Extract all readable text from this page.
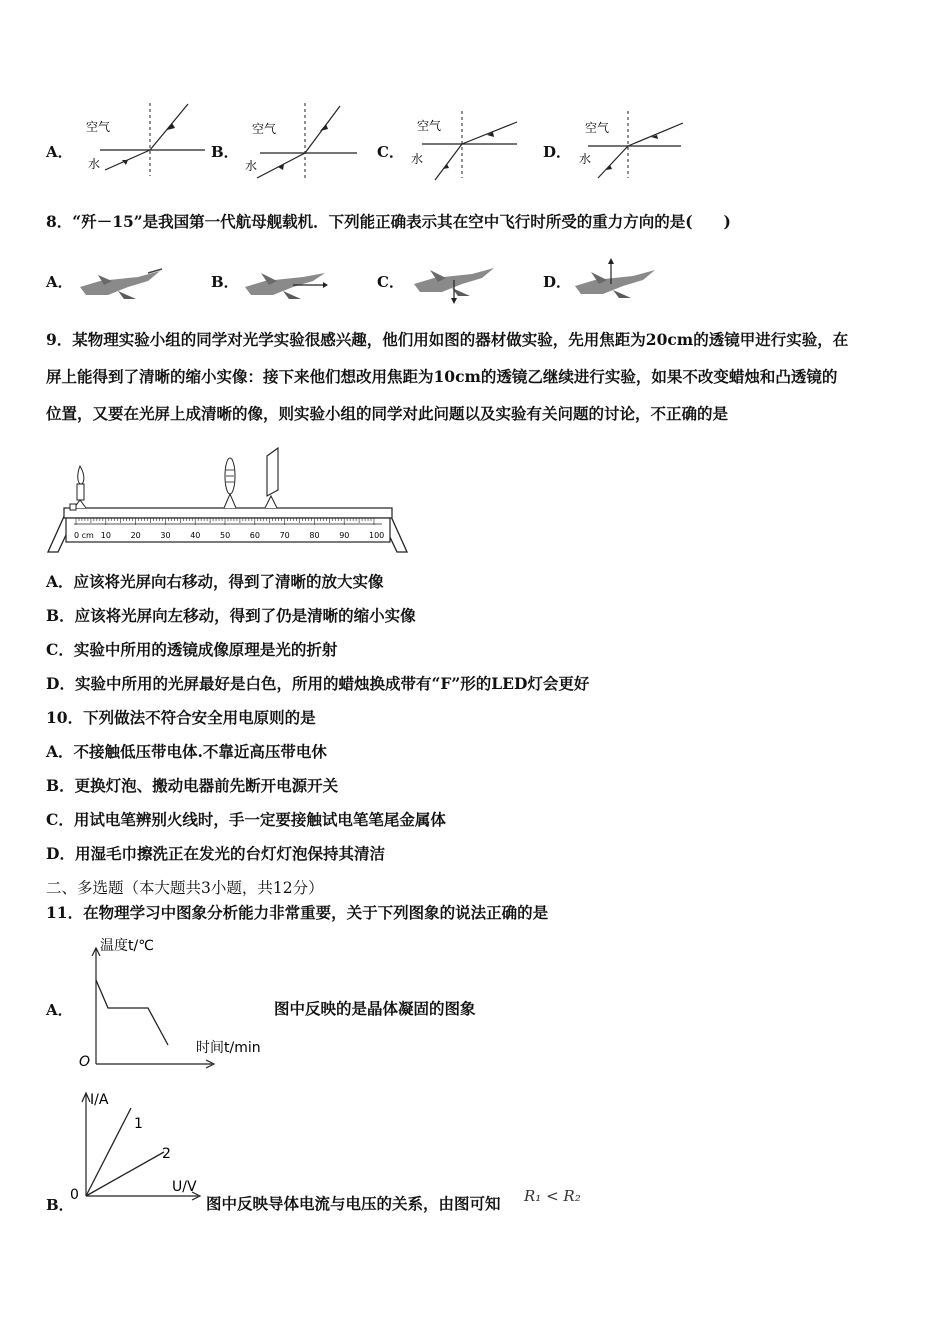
A．	B．	C．	D．
空气
水
空气
水
空气
水
空气
水
8．“歼－15”是我国第一代航母舰载机．下列能正确表示其在空中飞行时所受的重力方向的是(　　)
A．	B．	C．	D．
9．某物理实验小组的同学对光学实验很感兴趣，他们用如图的器材做实验，先用焦距为20cm的透镜甲进行实验，在
屏上能得到了清晰的缩小实像：接下来他们想改用焦距为10cm的透镜乙继续进行实验，如果不改变蜡烛和凸透镜的
位置，又要在光屏上成清晰的像，则实验小组的同学对此问题以及实验有关问题的讨论，不正确的是
0 cm 10 20 30 40 50 60 70 80 90 100
A．应该将光屏向右移动，得到了清晰的放大实像
B．应该将光屏向左移动，得到了仍是清晰的缩小实像
C．实验中所用的透镜成像原理是光的折射
D．实验中所用的光屏最好是白色，所用的蜡烛换成带有“F”形的LED灯会更好
10．下列做法不符合安全用电原则的是
A．不接触低压带电体.不靠近高压带电休
B．更换灯泡、搬动电器前先断开电源开关
C．用试电笔辨别火线时，手一定要接触试电笔笔尾金属体
D．用湿毛巾擦洗正在发光的台灯灯泡保持其清洁
二、多选题（本大题共3小题，共12分）
11．在物理学习中图象分析能力非常重要，关于下列图象的说法正确的是
A．
温度t/℃
O
时间t/min
图中反映的是晶体凝固的图象
B．
I/A
0	U/V
1
2
图中反映导体电流与电压的关系，由图可知 R₁ < R₂
